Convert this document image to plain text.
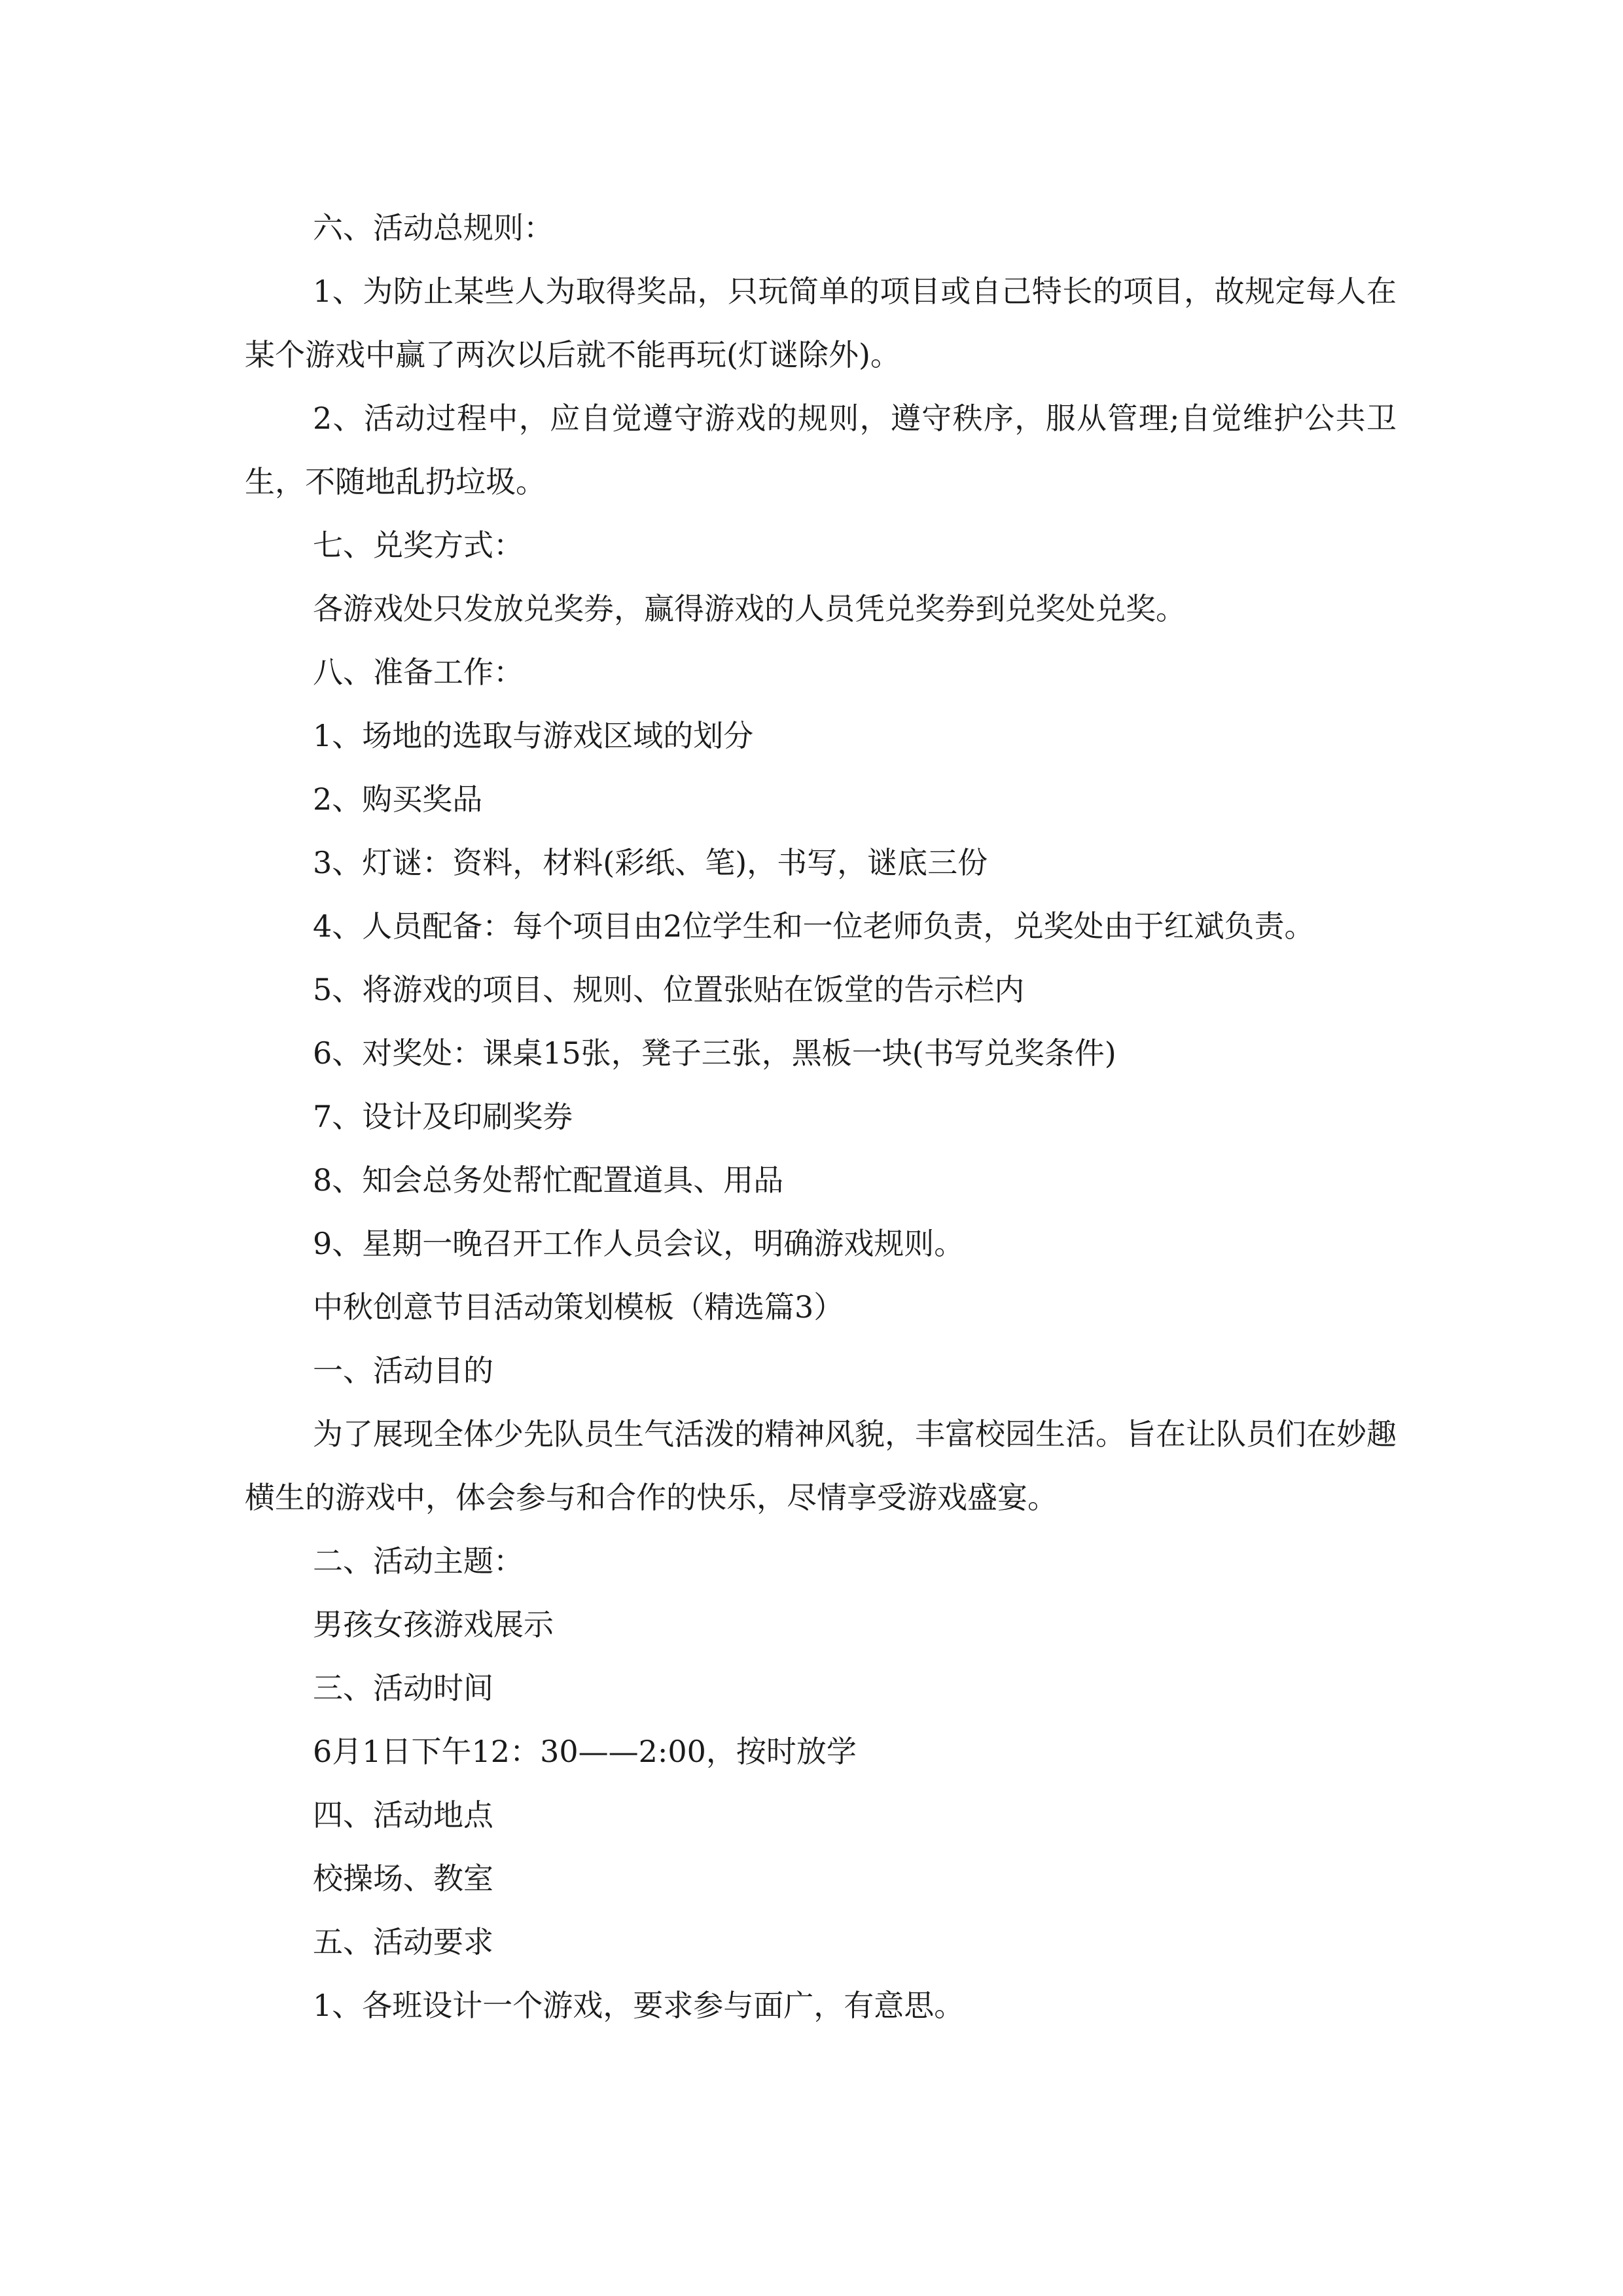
六、活动总规则：

1、为防止某些人为取得奖品，只玩简单的项目或自己特长的项目，故规定每人在某个游戏中赢了两次以后就不能再玩(灯谜除外)。

2、活动过程中，应自觉遵守游戏的规则，遵守秩序，服从管理;自觉维护公共卫生，不随地乱扔垃圾。

七、兑奖方式：

各游戏处只发放兑奖券，赢得游戏的人员凭兑奖券到兑奖处兑奖。

八、准备工作：

1、场地的选取与游戏区域的划分

2、购买奖品

3、灯谜：资料，材料(彩纸、笔)，书写，谜底三份

4、人员配备：每个项目由2位学生和一位老师负责，兑奖处由于红斌负责。

5、将游戏的项目、规则、位置张贴在饭堂的告示栏内

6、对奖处：课桌15张，凳子三张，黑板一块(书写兑奖条件)

7、设计及印刷奖券

8、知会总务处帮忙配置道具、用品

9、星期一晚召开工作人员会议，明确游戏规则。

中秋创意节目活动策划模板（精选篇3）

一、活动目的

为了展现全体少先队员生气活泼的精神风貌，丰富校园生活。旨在让队员们在妙趣横生的游戏中，体会参与和合作的快乐，尽情享受游戏盛宴。

二、活动主题：

男孩女孩游戏展示

三、活动时间

6月1日下午12：30——2:00，按时放学

四、活动地点

校操场、教室

五、活动要求

1、各班设计一个游戏，要求参与面广，有意思。
